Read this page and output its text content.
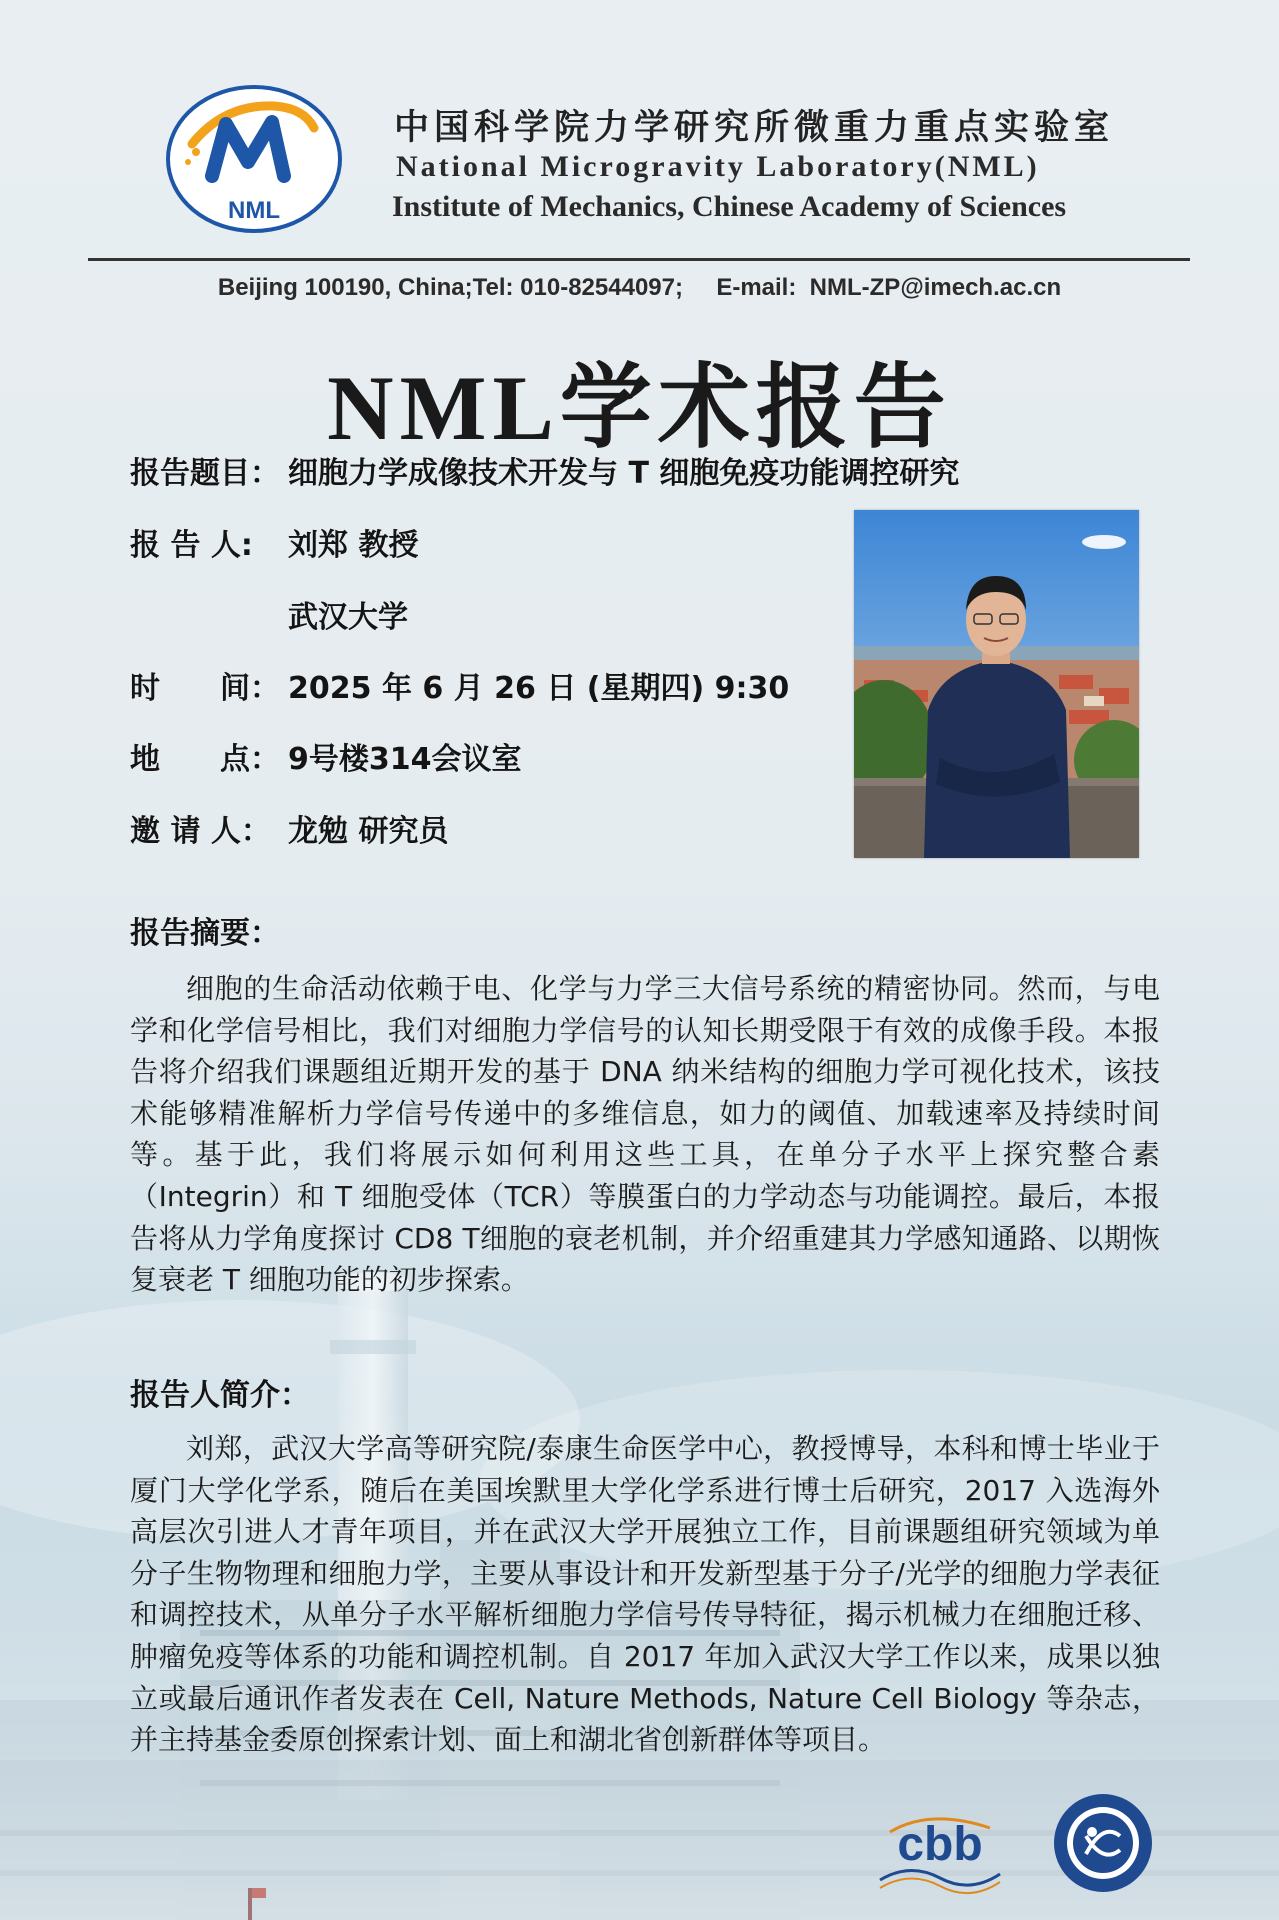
NML
中国科学院力学研究所微重力重点实验室
National Microgravity Laboratory(NML)
Institute of Mechanics, Chinese Academy of Sciences
Beijing 100190, China;Tel: 010-82544097;     E-mail:  NML-ZP@imech.ac.cn
NML学术报告
报告题目： 细胞力学成像技术开发与 T 细胞免疫功能调控研究
报 告 人: 刘郑 教授
武汉大学
时　　间： 2025 年 6 月 26 日 (星期四) 9:30
地　　点： 9号楼314会议室
邀 请 人： 龙勉 研究员
报告摘要：
细胞的生命活动依赖于电、化学与力学三大信号系统的精密协同。然而，与电学和化学信号相比，我们对细胞力学信号的认知长期受限于有效的成像手段。本报告将介绍我们课题组近期开发的基于 DNA 纳米结构的细胞力学可视化技术，该技术能够精准解析力学信号传递中的多维信息，如力的阈值、加载速率及持续时间等。基于此，我们将展示如何利用这些工具，在单分子水平上探究整合素（Integrin）和 T 细胞受体（TCR）等膜蛋白的力学动态与功能调控。最后，本报告将从力学角度探讨 CD8 T细胞的衰老机制，并介绍重建其力学感知通路、以期恢复衰老 T 细胞功能的初步探索。
报告人简介：
刘郑，武汉大学高等研究院/泰康生命医学中心，教授博导，本科和博士毕业于厦门大学化学系，随后在美国埃默里大学化学系进行博士后研究，2017 入选海外高层次引进人才青年项目，并在武汉大学开展独立工作，目前课题组研究领域为单分子生物物理和细胞力学，主要从事设计和开发新型基于分子/光学的细胞力学表征和调控技术，从单分子水平解析细胞力学信号传导特征，揭示机械力在细胞迁移、肿瘤免疫等体系的功能和调控机制。自 2017 年加入武汉大学工作以来，成果以独立或最后通讯作者发表在 Cell, Nature Methods, Nature Cell Biology 等杂志，并主持基金委原创探索计划、面上和湖北省创新群体等项目。
cbb
